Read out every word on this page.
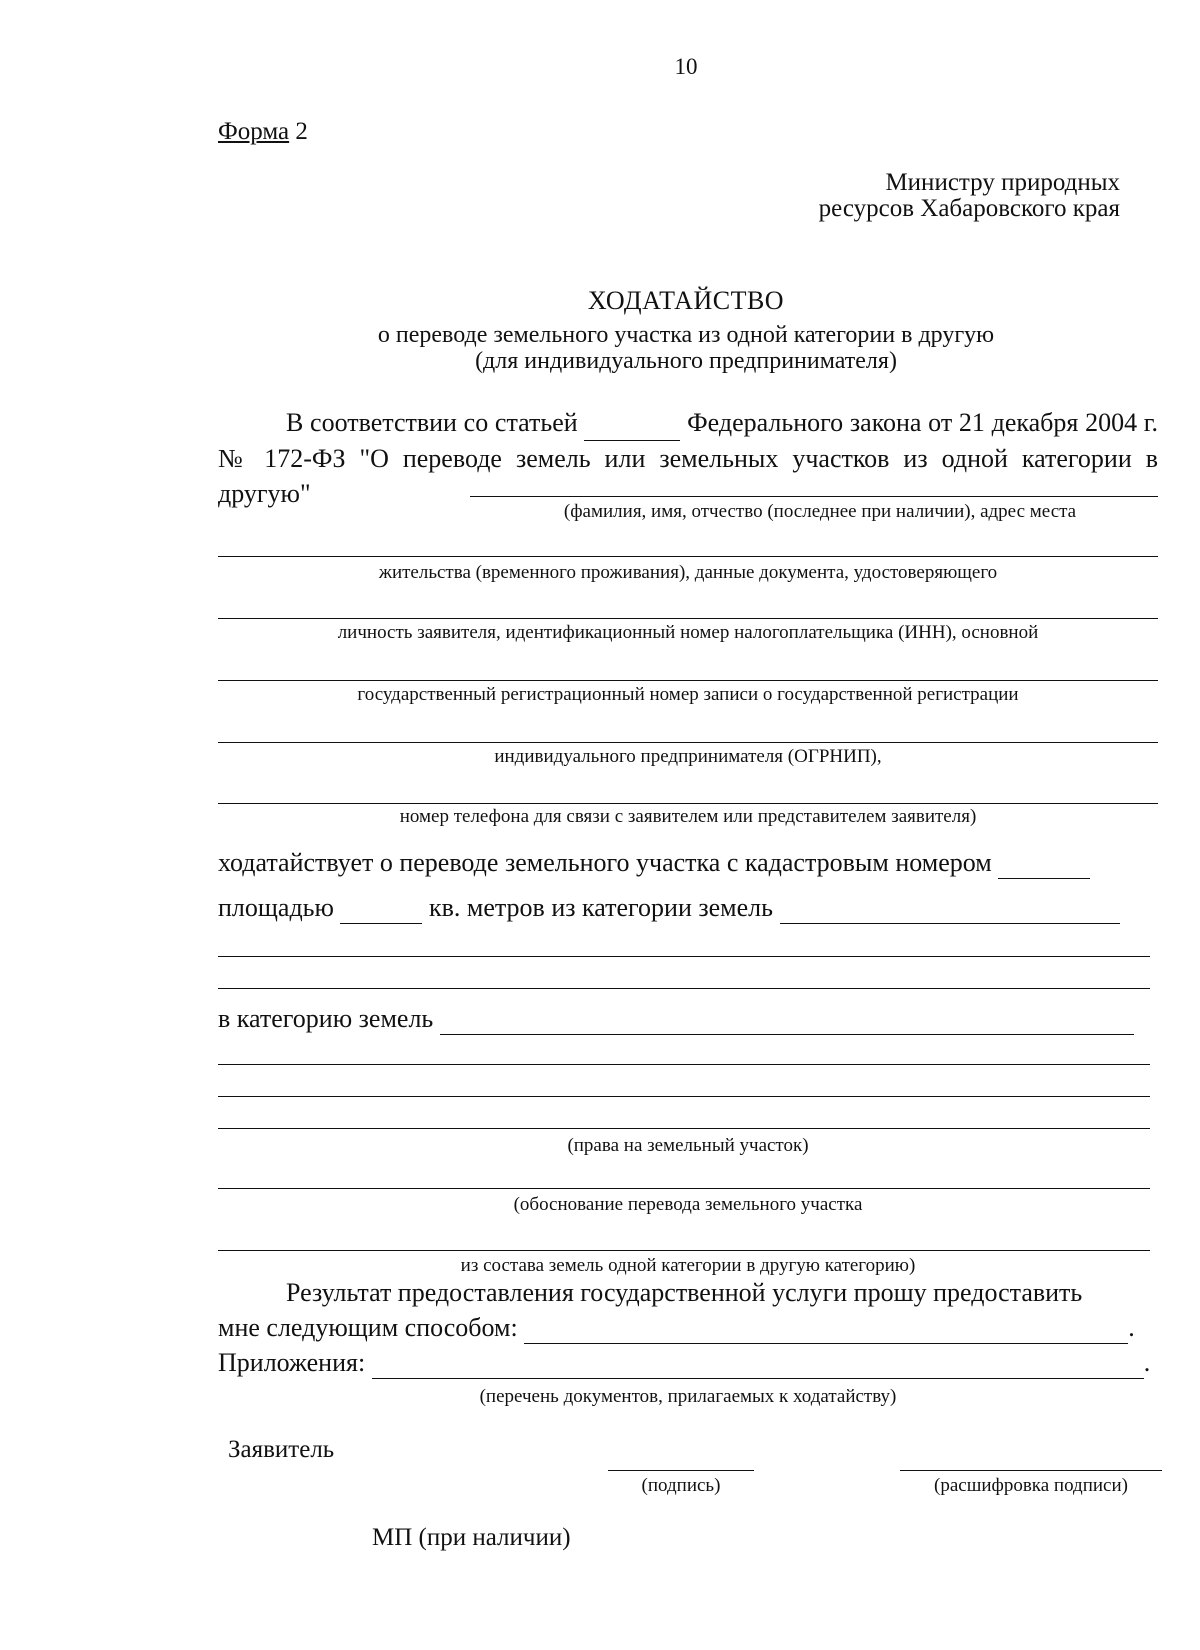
10
Форма 2
Министру природных
ресурсов Хабаровского края
ХОДАТАЙСТВО
о переводе земельного участка из одной категории в другую
(для индивидуального предпринимателя)
В соответствии со статьей	Федерального закона от 21 декабря 2004 г. № 172-ФЗ "О переводе земель или земельных участков из одной категории в другую"
(фамилия, имя, отчество (последнее при наличии), адрес места
жительства (временного проживания), данные документа, удостоверяющего
личность заявителя, идентификационный номер налогоплательщика (ИНН), основной
государственный регистрационный номер записи о государственной регистрации
индивидуального предпринимателя (ОГРНИП),
номер телефона для связи с заявителем или представителем заявителя)
ходатайствует о переводе земельного участка с кадастровым номером
площадью	кв. метров из категории земель
в категорию земель
(права на земельный участок)
(обоснование перевода земельного участка
из состава земель одной категории в другую категорию)
Результат предоставления государственной услуги прошу предоставить
мне следующим способом:	.
Приложения:	.
(перечень документов, прилагаемых к ходатайству)
Заявитель
(подпись)	(расшифровка подписи)
МП (при наличии)
